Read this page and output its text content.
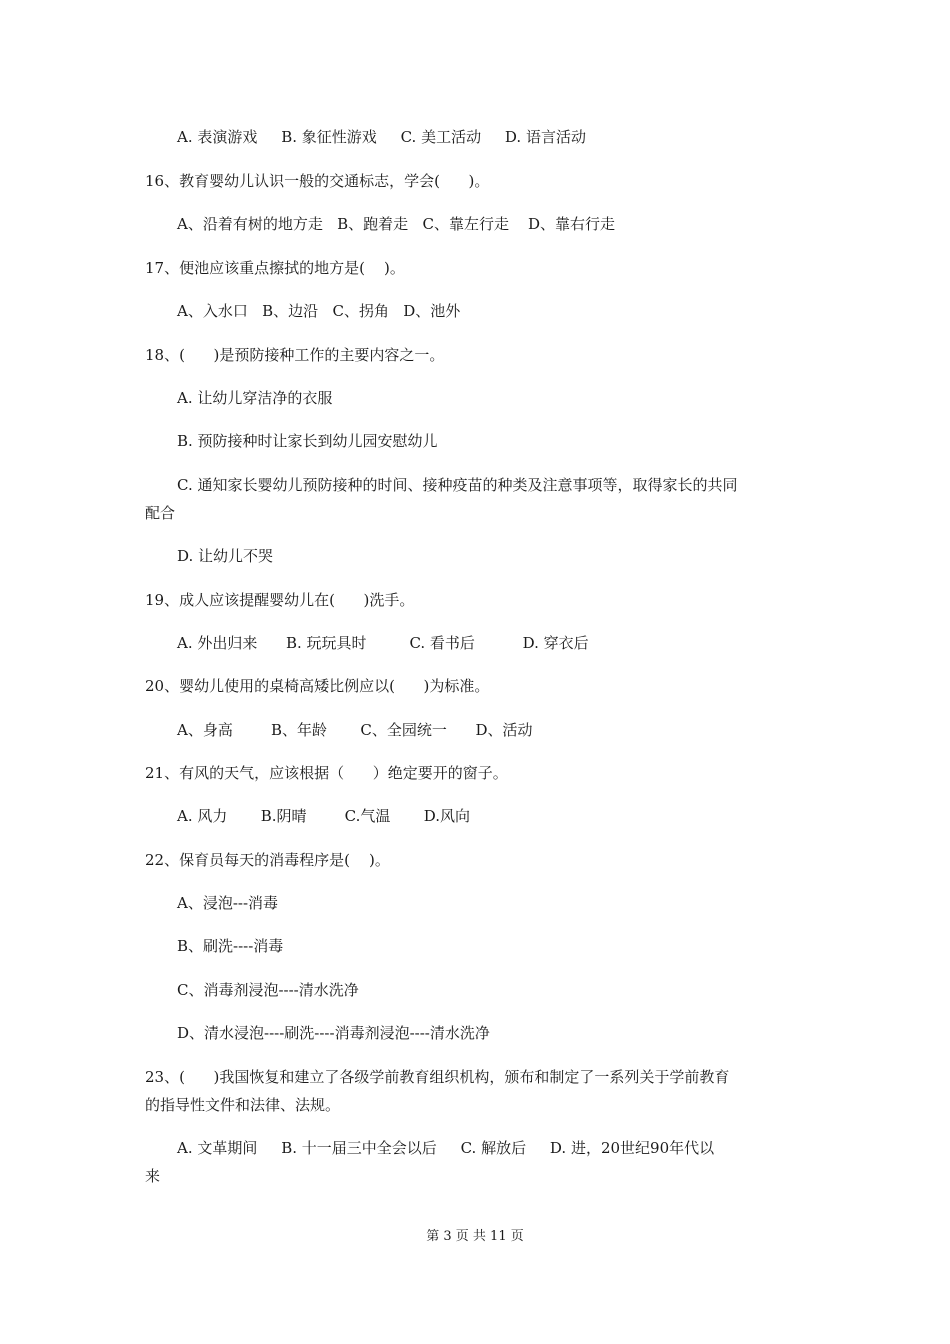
A. 表演游戏     B. 象征性游戏     C. 美工活动     D. 语言活动
16、教育婴幼儿认识一般的交通标志，学会(      )。
A、沿着有树的地方走   B、跑着走   C、靠左行走    D、靠右行走
17、便池应该重点擦拭的地方是(    )。
A、入水口   B、边沿   C、拐角   D、池外
18、(      )是预防接种工作的主要内容之一。
A. 让幼儿穿洁净的衣服
B. 预防接种时让家长到幼儿园安慰幼儿
C. 通知家长婴幼儿预防接种的时间、接种疫苗的种类及注意事项等，取得家长的共同
配合
D. 让幼儿不哭
19、成人应该提醒婴幼儿在(      )洗手。
A. 外出归来      B. 玩玩具时         C. 看书后          D. 穿衣后
20、婴幼儿使用的桌椅高矮比例应以(      )为标准。
A、身高        B、年龄       C、全园统一      D、活动
21、有风的天气，应该根据（      ）绝定要开的窗子。
A. 风力       B.阴晴        C.气温       D.风向
22、保育员每天的消毒程序是(    )。
A、浸泡---消毒
B、刷洗----消毒
C、消毒剂浸泡----清水洗净
D、清水浸泡----刷洗----消毒剂浸泡----清水洗净
23、(      )我国恢复和建立了各级学前教育组织机构，颁布和制定了一系列关于学前教育
的指导性文件和法律、法规。
A. 文革期间     B. 十一届三中全会以后     C. 解放后     D. 进，20世纪90年代以
来
第 3 页 共 11 页
